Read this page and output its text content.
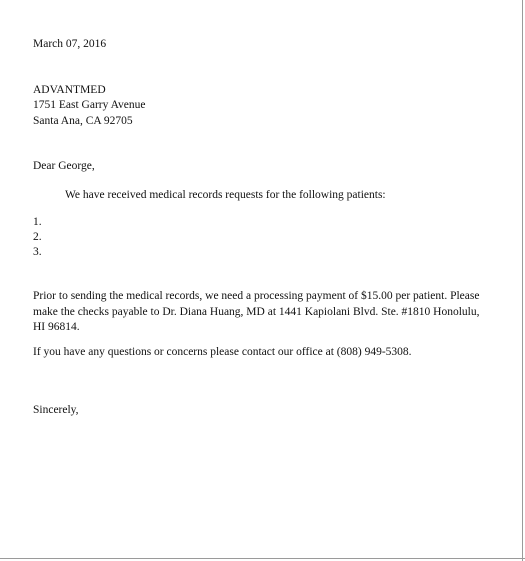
March 07, 2016
ADVANTMED
1751 East Garry Avenue
Santa Ana, CA 92705
Dear George,
We have received medical records requests for the following patients:
1.
2.
3.
Prior to sending the medical records, we need a processing payment of $15.00 per patient. Please
make the checks payable to Dr. Diana Huang, MD at 1441 Kapiolani Blvd. Ste. #1810 Honolulu,
HI 96814.
If you have any questions or concerns please contact our office at (808) 949-5308.
Sincerely,
